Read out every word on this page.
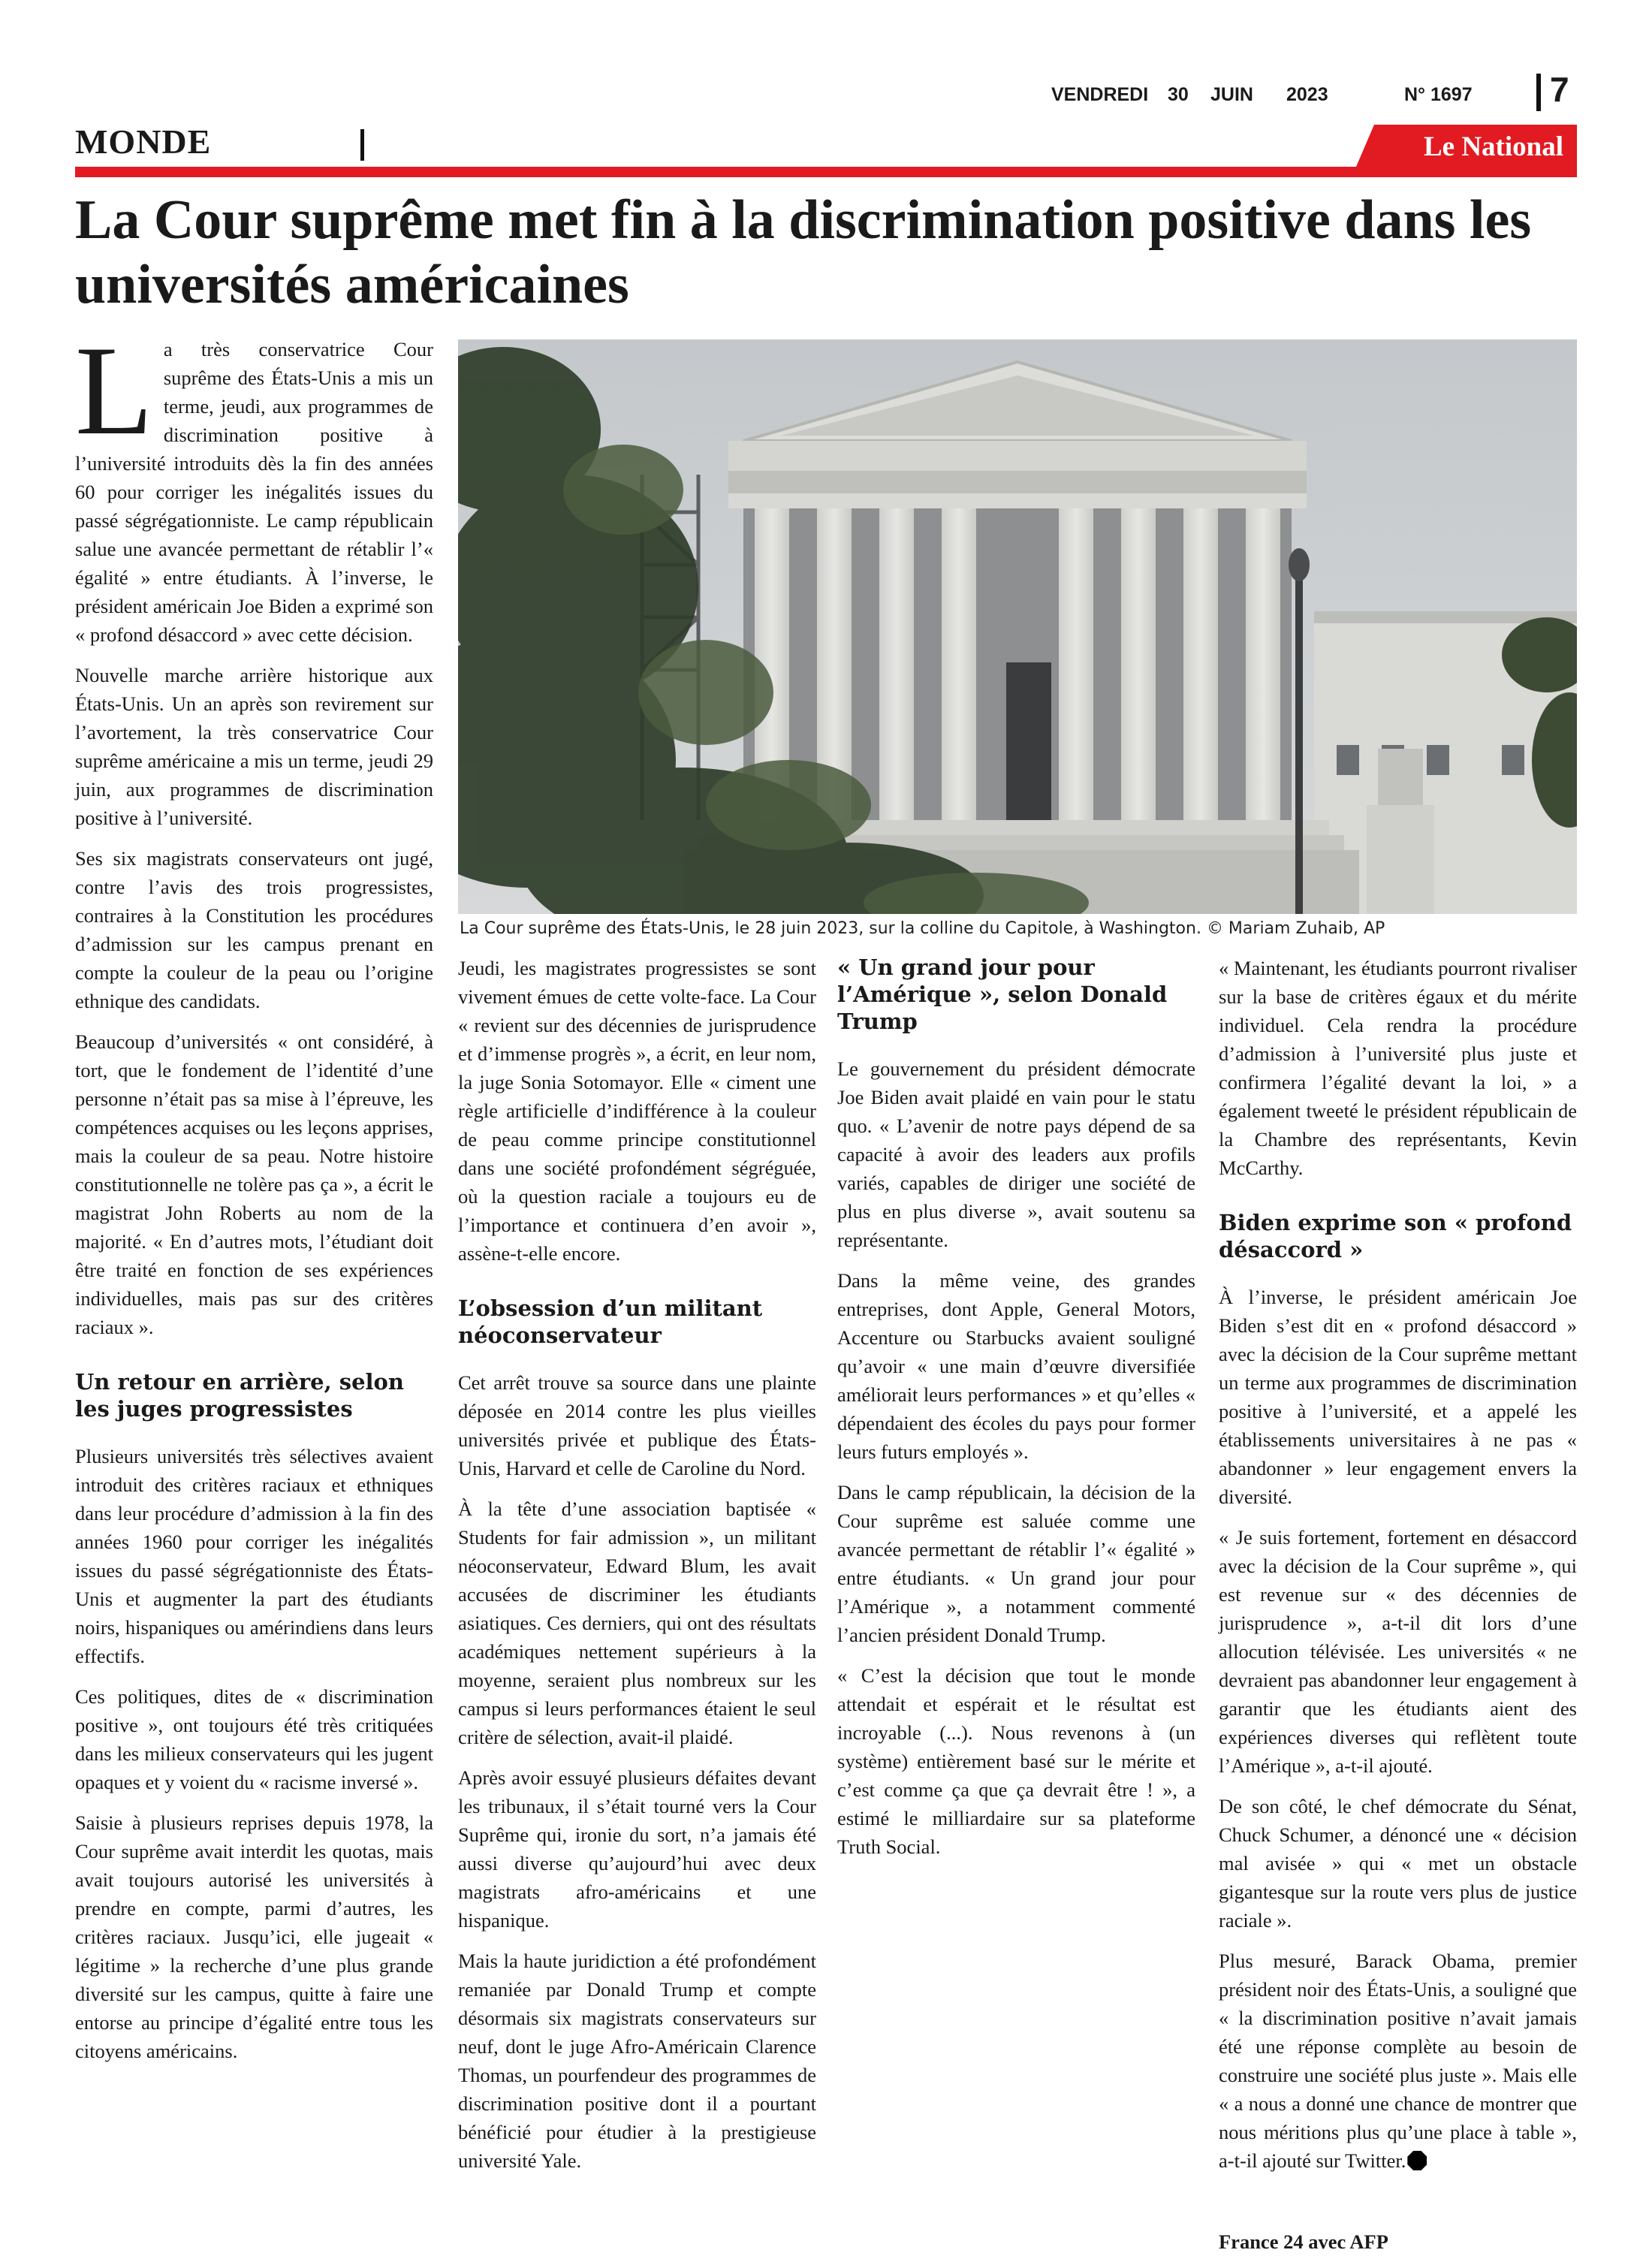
VENDREDI 30 JUIN 2023	N° 1697 7
MONDE	Le National
La Cour suprême met fin à la discrimination positive dans les universités américaines
La Cour suprême des États-Unis, le 28 juin 2023, sur la colline du Capitole, à Washington. © Mariam Zuhaib, AP

La très conservatrice Cour suprême des États-Unis a mis un terme, jeudi, aux programmes de discrimination positive à l’université introduits dès la fin des années 60 pour corriger les inégalités issues du passé ségrégationniste. Le camp républicain salue une avancée permettant de rétablir l’« égalité » entre étudiants. À l’inverse, le président américain Joe Biden a exprimé son « profond désaccord » avec cette décision.

Nouvelle marche arrière historique aux États-Unis. Un an après son revirement sur l’avortement, la très conservatrice Cour suprême américaine a mis un terme, jeudi 29 juin, aux programmes de discrimination positive à l’université.

Ses six magistrats conservateurs ont jugé, contre l’avis des trois progressistes, contraires à la Constitution les procédures d’admission sur les campus prenant en compte la couleur de la peau ou l’origine ethnique des candidats.

Beaucoup d’universités « ont considéré, à tort, que le fondement de l’identité d’une personne n’était pas sa mise à l’épreuve, les compétences acquises ou les leçons apprises, mais la couleur de sa peau. Notre histoire constitutionnelle ne tolère pas ça », a écrit le magistrat John Roberts au nom de la majorité. « En d’autres mots, l’étudiant doit être traité en fonction de ses expériences individuelles, mais pas sur des critères raciaux ».

Un retour en arrière, selon les juges progressistes

Plusieurs universités très sélectives avaient introduit des critères raciaux et ethniques dans leur procédure d’admission à la fin des années 1960 pour corriger les inégalités issues du passé ségrégationniste des États-Unis et augmenter la part des étudiants noirs, hispaniques ou amérindiens dans leurs effectifs.

Ces politiques, dites de « discrimination positive », ont toujours été très critiquées dans les milieux conservateurs qui les jugent opaques et y voient du « racisme inversé ».

Saisie à plusieurs reprises depuis 1978, la Cour suprême avait interdit les quotas, mais avait toujours autorisé les universités à prendre en compte, parmi d’autres, les critères raciaux. Jusqu’ici, elle jugeait « légitime » la recherche d’une plus grande diversité sur les campus, quitte à faire une entorse au principe d’égalité entre tous les citoyens américains.

Jeudi, les magistrates progressistes se sont vivement émues de cette volte-face. La Cour « revient sur des décennies de jurisprudence et d’immense progrès », a écrit, en leur nom, la juge Sonia Sotomayor. Elle « ciment une règle artificielle d’indifférence à la couleur de peau comme principe constitutionnel dans une société profondément ségréguée, où la question raciale a toujours eu de l’importance et continuera d’en avoir », assène-t-elle encore.

L’obsession d’un militant néoconservateur

Cet arrêt trouve sa source dans une plainte déposée en 2014 contre les plus vieilles universités privée et publique des États-Unis, Harvard et celle de Caroline du Nord.

À la tête d’une association baptisée « Students for fair admission », un militant néoconservateur, Edward Blum, les avait accusées de discriminer les étudiants asiatiques. Ces derniers, qui ont des résultats académiques nettement supérieurs à la moyenne, seraient plus nombreux sur les campus si leurs performances étaient le seul critère de sélection, avait-il plaidé.

Après avoir essuyé plusieurs défaites devant les tribunaux, il s’était tourné vers la Cour Suprême qui, ironie du sort, n’a jamais été aussi diverse qu’aujourd’hui avec deux magistrats afro-américains et une hispanique.

Mais la haute juridiction a été profondément remaniée par Donald Trump et compte désormais six magistrats conservateurs sur neuf, dont le juge Afro-Américain Clarence Thomas, un pourfendeur des programmes de discrimination positive dont il a pourtant bénéficié pour étudier à la prestigieuse université Yale.

« Un grand jour pour l’Amérique », selon Donald Trump

Le gouvernement du président démocrate Joe Biden avait plaidé en vain pour le statu quo. « L’avenir de notre pays dépend de sa capacité à avoir des leaders aux profils variés, capables de diriger une société de plus en plus diverse », avait soutenu sa représentante.

Dans la même veine, des grandes entreprises, dont Apple, General Motors, Accenture ou Starbucks avaient souligné qu’avoir « une main d’œuvre diversifiée améliorait leurs performances » et qu’elles « dépendaient des écoles du pays pour former leurs futurs employés ».

Dans le camp républicain, la décision de la Cour suprême est saluée comme une avancée permettant de rétablir l’« égalité » entre étudiants. « Un grand jour pour l’Amérique », a notamment commenté l’ancien président Donald Trump.

« C’est la décision que tout le monde attendait et espérait et le résultat est incroyable (...). Nous revenons à (un système) entièrement basé sur le mérite et c’est comme ça que ça devrait être ! », a estimé le milliardaire sur sa plateforme Truth Social.

« Maintenant, les étudiants pourront rivaliser sur la base de critères égaux et du mérite individuel. Cela rendra la procédure d’admission à l’université plus juste et confirmera l’égalité devant la loi, » a également tweeté le président républicain de la Chambre des représentants, Kevin McCarthy.

Biden exprime son « profond désaccord »

À l’inverse, le président américain Joe Biden s’est dit en « profond désaccord » avec la décision de la Cour suprême mettant un terme aux programmes de discrimination positive à l’université, et a appelé les établissements universitaires à ne pas « abandonner » leur engagement envers la diversité.

« Je suis fortement, fortement en désaccord avec la décision de la Cour suprême », qui est revenue sur « des décennies de jurisprudence », a-t-il dit lors d’une allocution télévisée. Les universités « ne devraient pas abandonner leur engagement à garantir que les étudiants aient des expériences diverses qui reflètent toute l’Amérique », a-t-il ajouté.

De son côté, le chef démocrate du Sénat, Chuck Schumer, a dénoncé une « décision mal avisée » qui « met un obstacle gigantesque sur la route vers plus de justice raciale ».

Plus mesuré, Barack Obama, premier président noir des États-Unis, a souligné que « la discrimination positive n’avait jamais été une réponse complète au besoin de construire une société plus juste ». Mais elle « a nous a donné une chance de montrer que nous méritions plus qu’une place à table », a-t-il ajouté sur Twitter.

France 24 avec AFP
